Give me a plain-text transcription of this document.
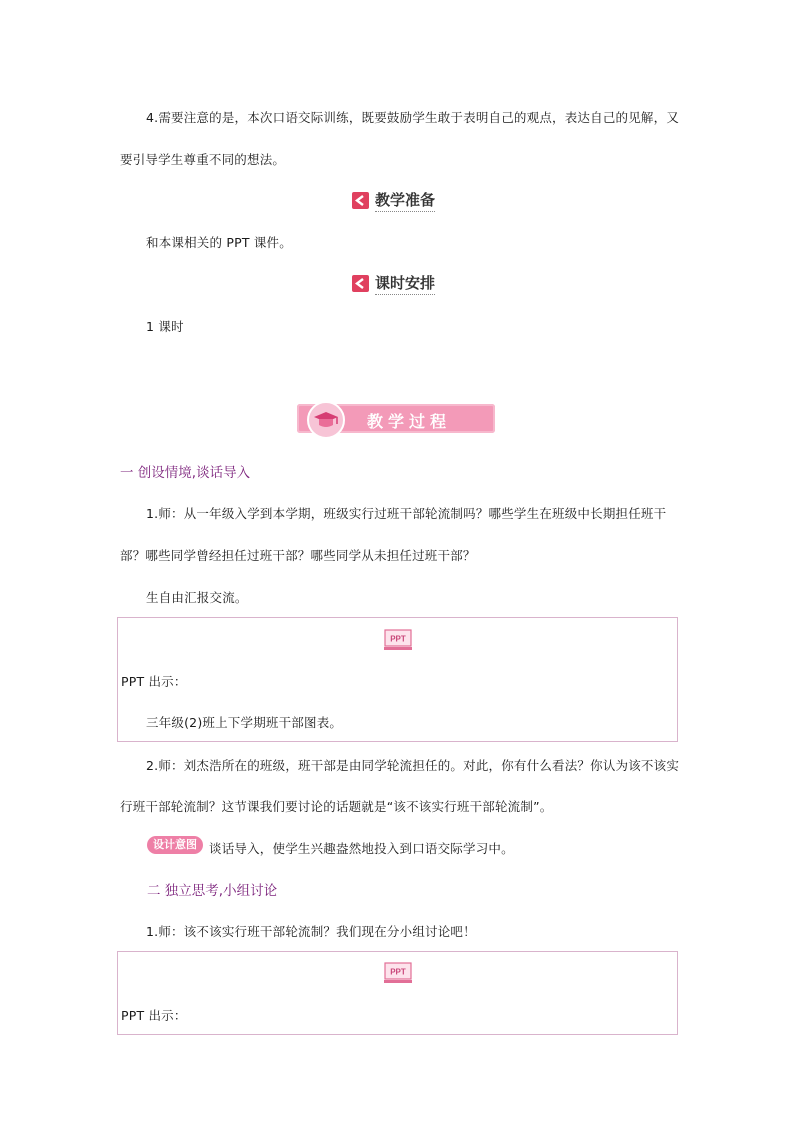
4.需要注意的是，本次口语交际训练，既要鼓励学生敢于表明自己的观点，表达自己的见解，又
要引导学生尊重不同的想法。
教学准备
和本课相关的 PPT 课件。
课时安排
1 课时
教学过程
一 创设情境,谈话导入
1.师：从一年级入学到本学期，班级实行过班干部轮流制吗？哪些学生在班级中长期担任班干
部？哪些同学曾经担任过班干部？哪些同学从未担任过班干部？
生自由汇报交流。
PPT
PPT 出示：
三年级(2)班上下学期班干部图表。
2.师：刘杰浩所在的班级，班干部是由同学轮流担任的。对此，你有什么看法？你认为该不该实
行班干部轮流制？这节课我们要讨论的话题就是“该不该实行班干部轮流制”。
设计意图 谈话导入，使学生兴趣盎然地投入到口语交际学习中。
二 独立思考,小组讨论
1.师：该不该实行班干部轮流制？我们现在分小组讨论吧！
PPT
PPT 出示：
